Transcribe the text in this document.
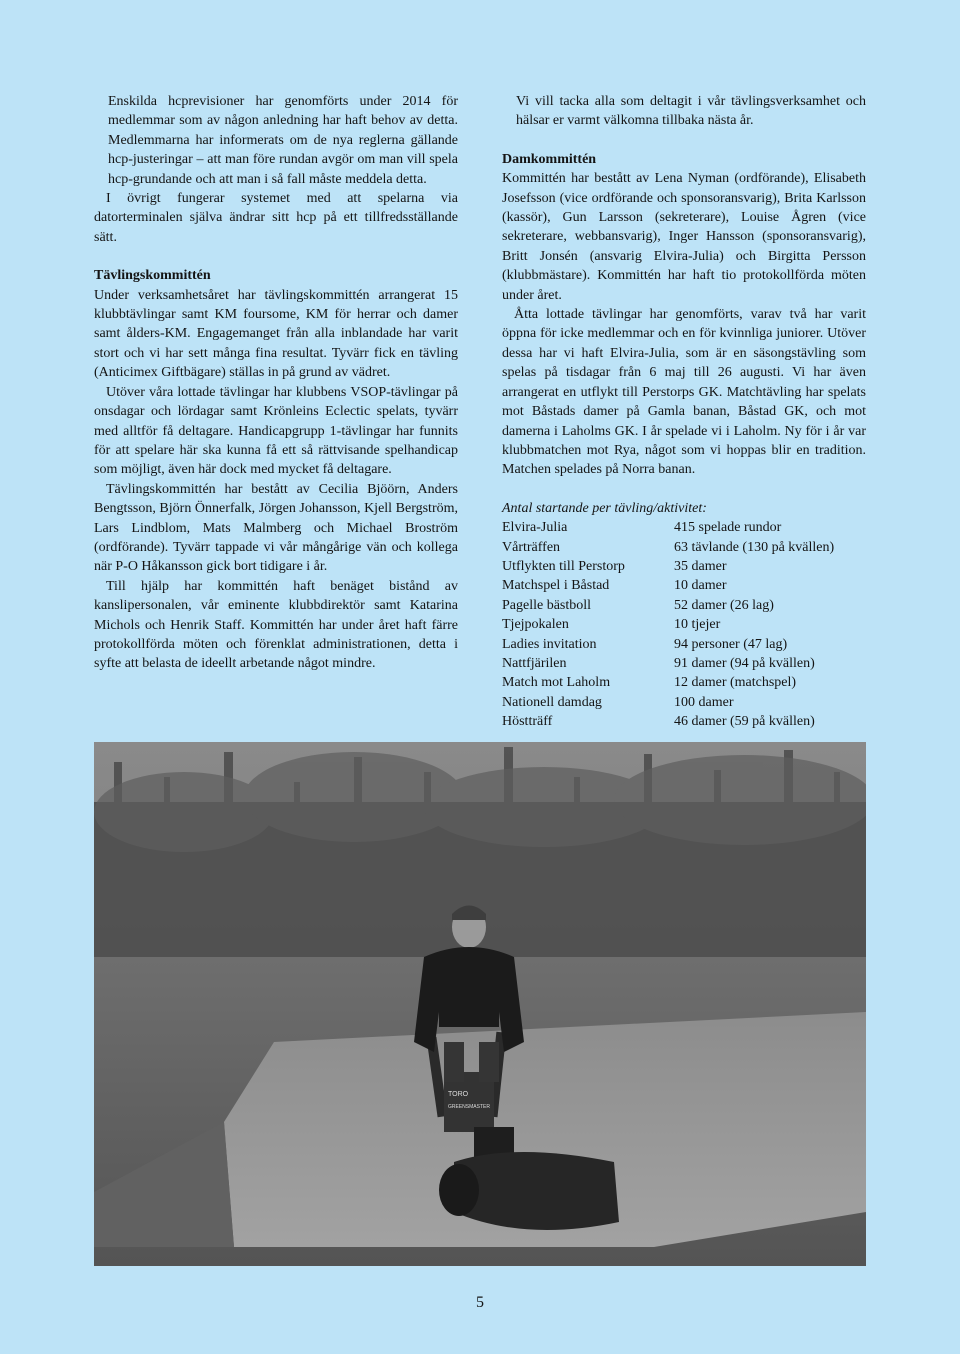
Enskilda hcprevisioner har genomförts under 2014 för medlemmar som av någon anledning har haft behov av detta. Medlemmarna har informerats om de nya reglerna gällande hcp-justeringar – att man före rundan avgör om man vill spela hcp-grundande och att man i så fall måste meddela detta.

I övrigt fungerar systemet med att spelarna via datorterminalen själva ändrar sitt hcp på ett tillfredsställande sätt.

Tävlingskommittén

Under verksamhetsåret har tävlingskommittén arrangerat 15 klubbtävlingar samt KM foursome, KM för herrar och damer samt ålders-KM. Engagemanget från alla inblandade har varit stort och vi har sett många fina resultat. Tyvärr fick en tävling (Anticimex Giftbägare) ställas in på grund av vädret.

Utöver våra lottade tävlingar har klubbens VSOP-tävlingar på onsdagar och lördagar samt Krönleins Eclectic spelats, tyvärr med alltför få deltagare. Handicapgrupp 1-tävlingar har funnits för att spelare här ska kunna få ett så rättvisande spelhandicap som möjligt, även här dock med mycket få deltagare.

Tävlingskommittén har bestått av Cecilia Bjöörn, Anders Bengtsson, Björn Önnerfalk, Jörgen Johansson, Kjell Bergström, Lars Lindblom, Mats Malmberg och Michael Broström (ordförande). Tyvärr tappade vi vår mångårige vän och kollega när P-O Håkansson gick bort tidigare i år.

Till hjälp har kommittén haft benäget bistånd av kanslipersonalen, vår eminente klubbdirektör samt Katarina Michols och Henrik Staff. Kommittén har under året haft färre protokollförda möten och förenklat administrationen, detta i syfte att belasta de ideellt arbetande något mindre.

Vi vill tacka alla som deltagit i vår tävlingsverksamhet och hälsar er varmt välkomna tillbaka nästa år.

Damkommittén

Kommittén har bestått av Lena Nyman (ordförande), Elisabeth Josefsson (vice ordförande och sponsoransvarig), Brita Karlsson (kassör), Gun Larsson (sekreterare), Louise Ågren (vice sekreterare, webbansvarig), Inger Hansson (sponsoransvarig), Britt Jonsén (ansvarig Elvira-Julia) och Birgitta Persson (klubbmästare). Kommittén har haft tio protokollförda möten under året.

Åtta lottade tävlingar har genomförts, varav två har varit öppna för icke medlemmar och en för kvinnliga juniorer. Utöver dessa har vi haft Elvira-Julia, som är en säsongstävling som spelas på tisdagar från 6 maj till 26 augusti. Vi har även arrangerat en utflykt till Perstorps GK. Matchtävling har spelats mot Båstads damer på Gamla banan, Båstad GK, och mot damerna i Laholms GK. I år spelade vi i Laholm. Ny för i år var klubbmatchen mot Rya, något som vi hoppas blir en tradition. Matchen spelades på Norra banan.

Antal startande per tävling/aktivitet:

Elvira-Julia	415 spelade rundor
Vårträffen	63 tävlande (130 på kvällen)
Utflykten till Perstorp	35 damer
Matchspel i Båstad	10 damer
Pagelle bästboll	52 damer (26 lag)
Tjejpokalen	10 tjejer
Ladies invitation	94 personer (47 lag)
Nattfjärilen	91 damer (94 på kvällen)
Match mot Laholm	12 damer (matchspel)
Nationell damdag	100 damer
Höstträff	46 damer (59 på kvällen)
TORO
GREENSMASTER
5
